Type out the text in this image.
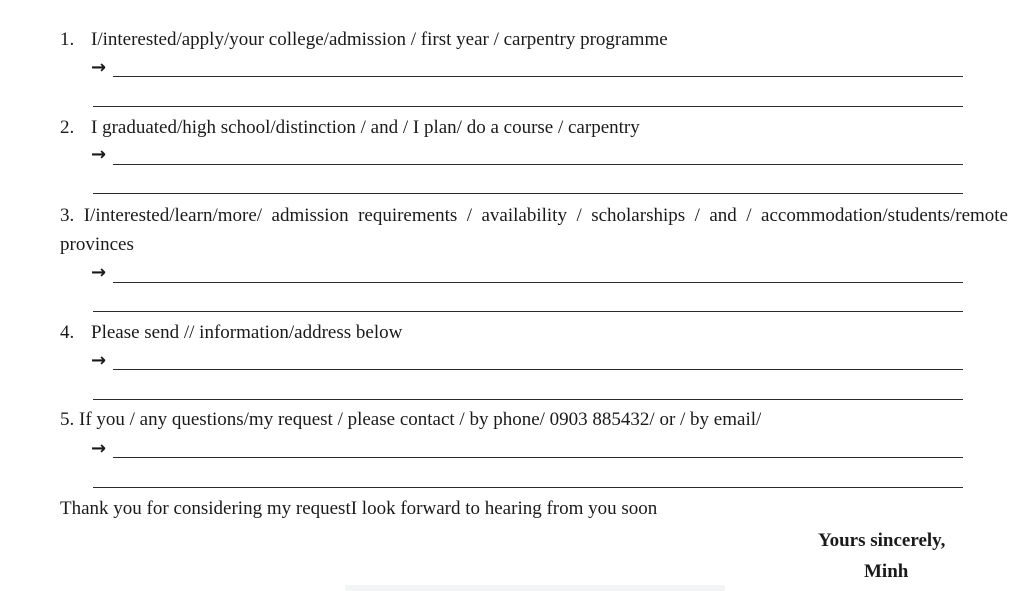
1. I/interested/apply/your college/admission / first year / carpentry programme
→
2. I graduated/high school/distinction / and / I plan/ do a course / carpentry
→
3. I/interested/learn/more/ admission requirements / availability / scholarships / and / accommodation/students/remote provinces
→
4. Please send // information/address below
→
5. If you / any questions/my request / please contact / by phone/ 0903 885432/ or / by email/
→
Thank you for considering my requestI look forward to hearing from you soon
Yours sincerely,
Minh
